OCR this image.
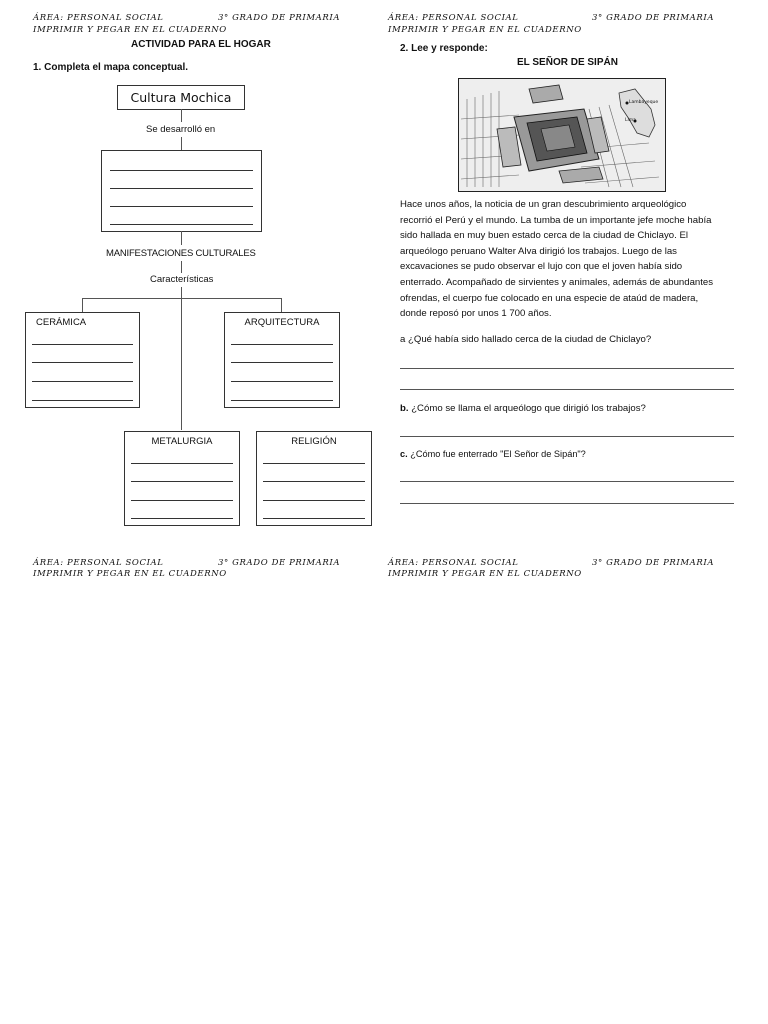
ÁREA: PERSONAL SOCIAL	3° GRADO DE PRIMARIA
IMPRIMIR Y PEGAR EN EL CUADERNO
ÁREA: PERSONAL SOCIAL	3° GRADO DE PRIMARIA
IMPRIMIR Y PEGAR EN EL CUADERNO
ACTIVIDAD PARA EL HOGAR
1. Completa el mapa conceptual.
Cultura Mochica
Se desarrolló en
MANIFESTACIONES CULTURALES
Características
CERÁMICA	ARQUITECTURA
METALURGIA	RELIGIÓN
2. Lee y responde:
EL SEÑOR DE SIPÁN
Lambayeque
Lima
Hace unos años, la noticia de un gran descubrimiento arqueológico recorrió el Perú y el mundo. La tumba de un importante jefe moche había sido hallada en muy buen estado cerca de la ciudad de Chiclayo. El arqueólogo peruano Walter Alva dirigió los trabajos. Luego de las excavaciones se pudo observar el lujo con que el joven había sido enterrado. Acompañado de sirvientes y animales, además de abundantes ofrendas, el cuerpo fue colocado en una especie de ataúd de madera, donde reposó por unos 1 700 años.
a ¿Qué había sido hallado cerca de la ciudad de Chiclayo?
b. ¿Cómo se llama el arqueólogo que dirigió los trabajos?
c. ¿Cómo fue enterrado "El Señor de Sipán"?
ÁREA: PERSONAL SOCIAL	3° GRADO DE PRIMARIA
IMPRIMIR Y PEGAR EN EL CUADERNO
ÁREA: PERSONAL SOCIAL	3° GRADO DE PRIMARIA
IMPRIMIR Y PEGAR EN EL CUADERNO
